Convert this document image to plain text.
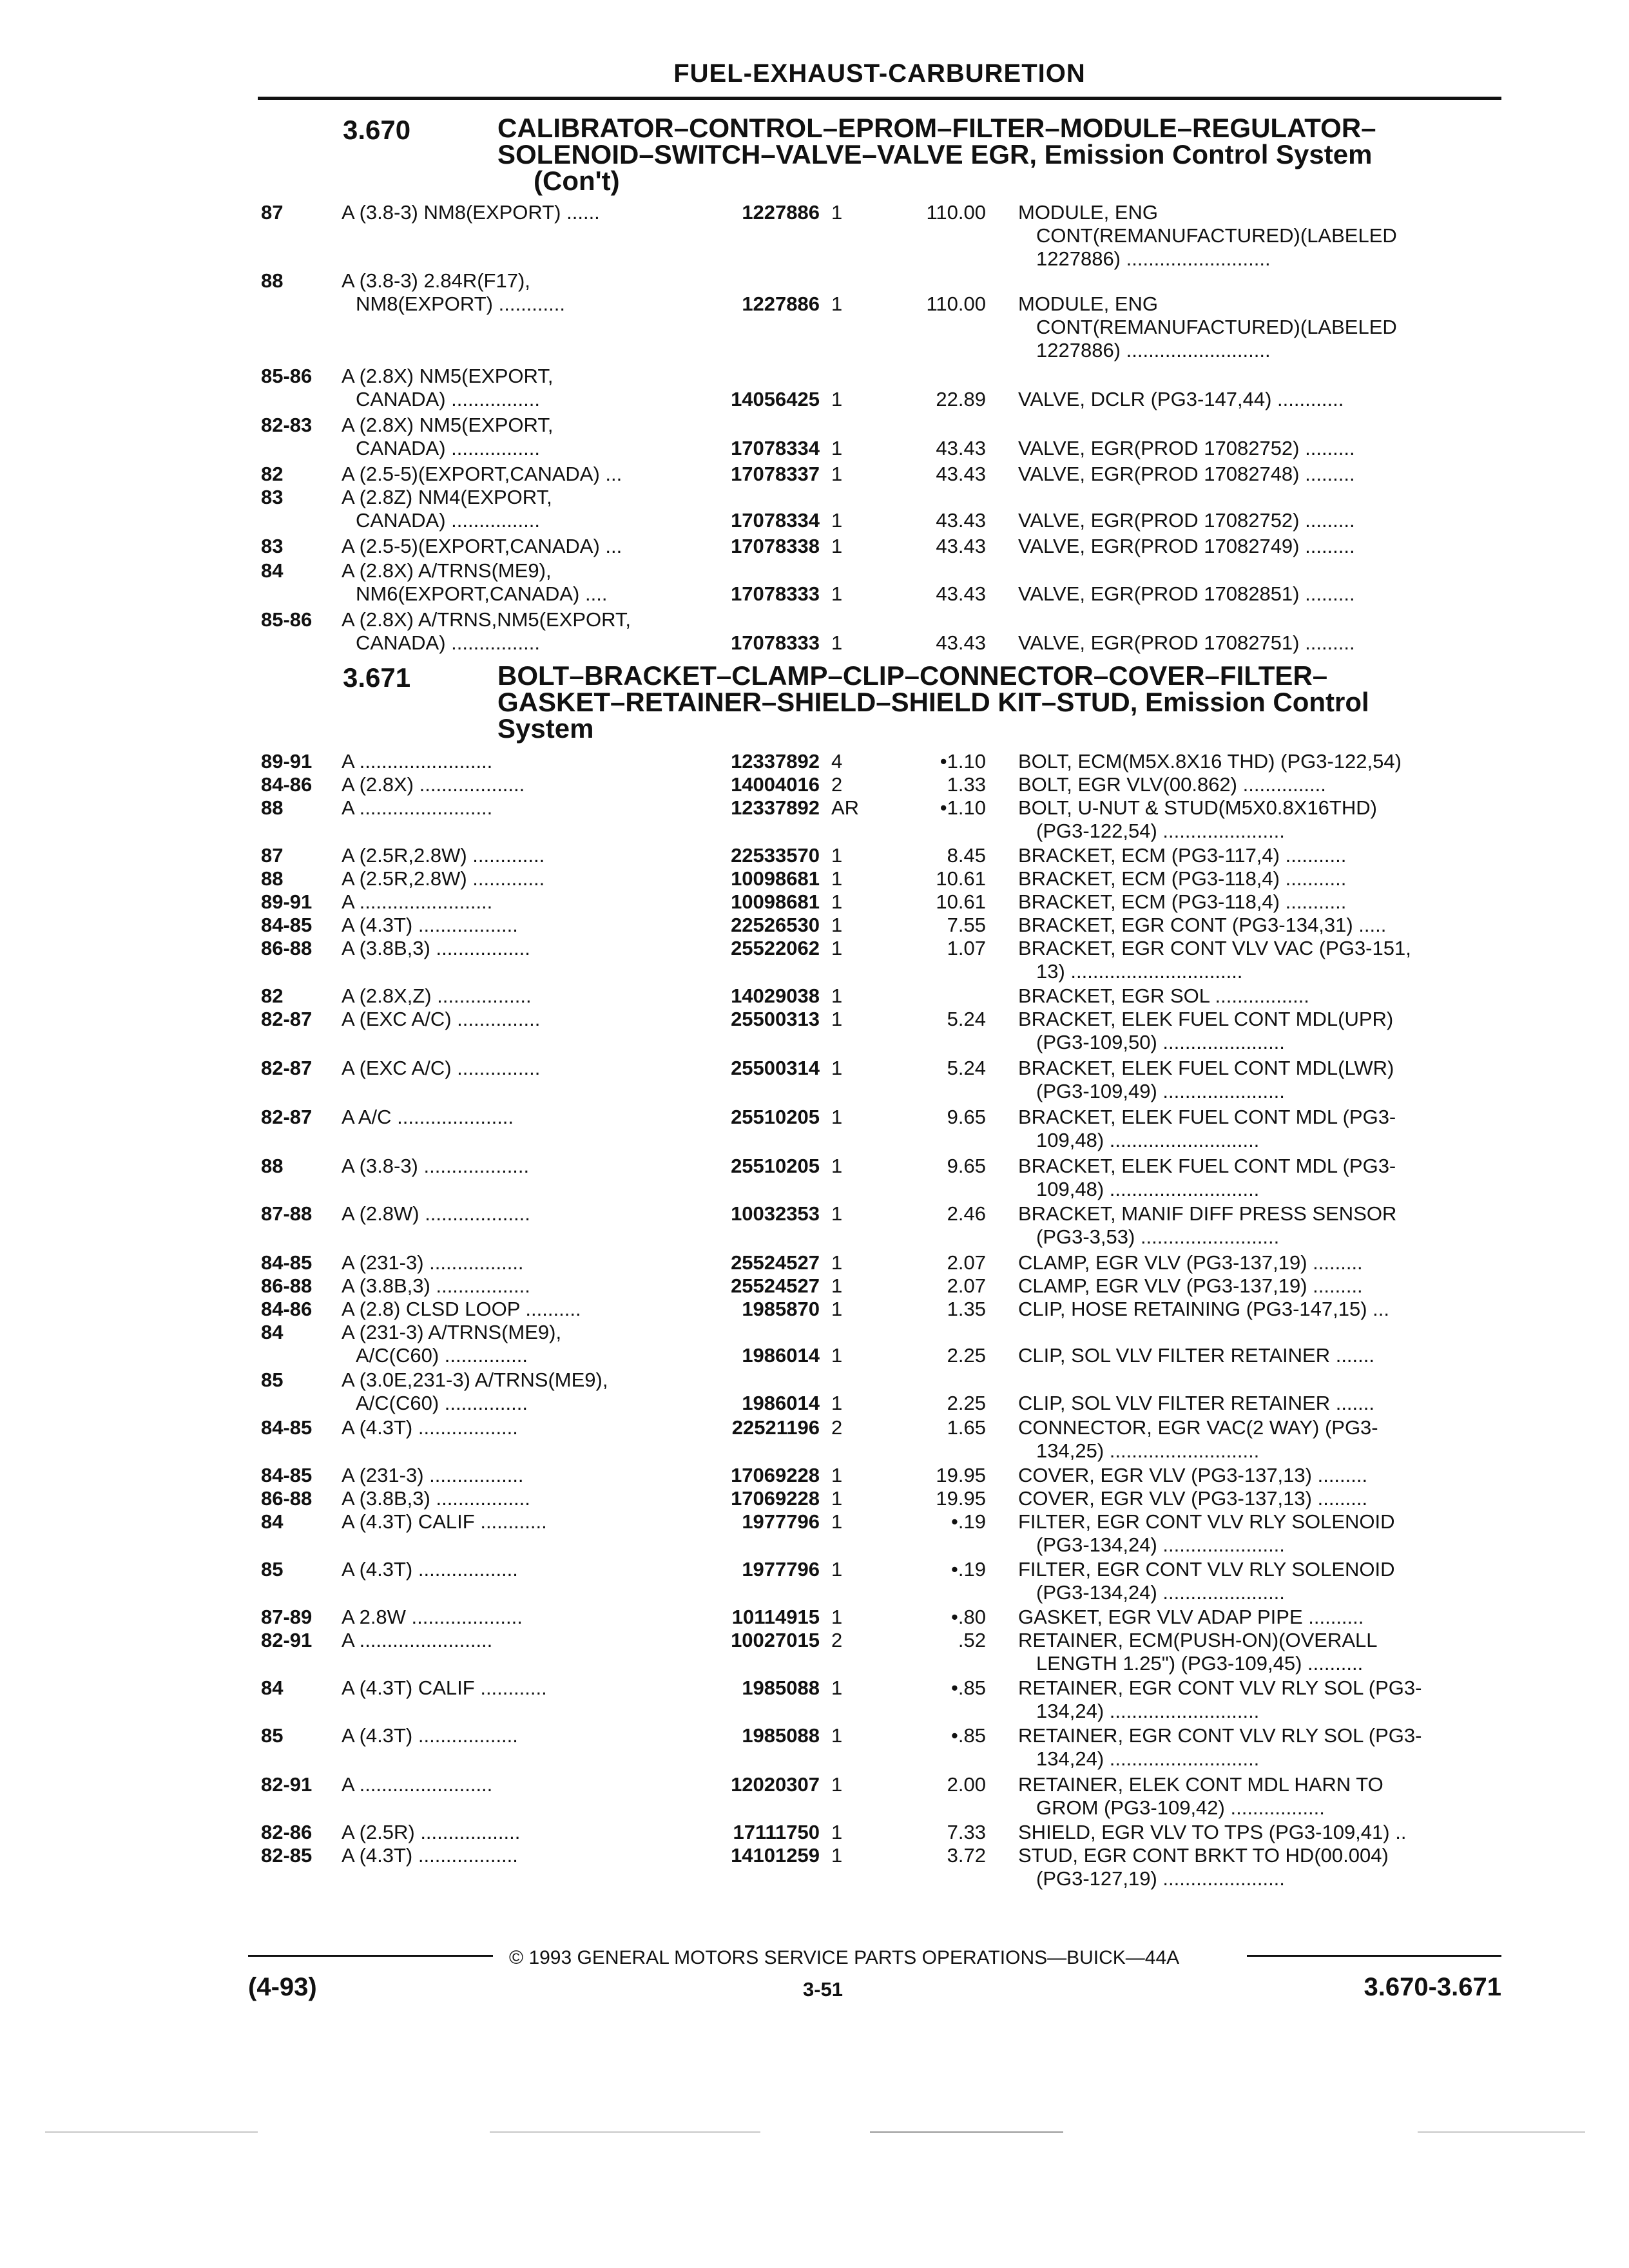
FUEL-EXHAUST-CARBURETION
3.670	CALIBRATOR–CONTROL–EPROM–FILTER–MODULE–REGULATOR–
SOLENOID–SWITCH–VALVE–VALVE EGR, Emission Control System
(Con't)
87	A (3.8-3) NM8(EXPORT) ......	1227886 1	110.00 MODULE, ENG
CONT(REMANUFACTURED)(LABELED
1227886) ..........................
88	A (3.8-3) 2.84R(F17),
NM8(EXPORT) ............	1227886 1	110.00 MODULE, ENG
CONT(REMANUFACTURED)(LABELED
1227886) ..........................
85-86 A (2.8X) NM5(EXPORT,
CANADA) ................	14056425 1	22.89 VALVE, DCLR (PG3-147,44) ............
82-83 A (2.8X) NM5(EXPORT,
CANADA) ................	17078334 1	43.43 VALVE, EGR(PROD 17082752) .........
82	A (2.5-5)(EXPORT,CANADA) ...	17078337 1	43.43 VALVE, EGR(PROD 17082748) .........
83	A (2.8Z) NM4(EXPORT,
CANADA) ................	17078334 1	43.43 VALVE, EGR(PROD 17082752) .........
83	A (2.5-5)(EXPORT,CANADA) ...	17078338 1	43.43 VALVE, EGR(PROD 17082749) .........
84	A (2.8X) A/TRNS(ME9),
NM6(EXPORT,CANADA) ....	17078333 1	43.43 VALVE, EGR(PROD 17082851) .........
85-86 A (2.8X) A/TRNS,NM5(EXPORT,
CANADA) ................	17078333 1	43.43 VALVE, EGR(PROD 17082751) .........
3.671	BOLT–BRACKET–CLAMP–CLIP–CONNECTOR–COVER–FILTER–
GASKET–RETAINER–SHIELD–SHIELD KIT–STUD, Emission Control
System
89-91 A ........................	12337892 4	•1.10 BOLT, ECM(M5X.8X16 THD) (PG3-122,54)
84-86 A (2.8X) ...................	14004016 2	1.33 BOLT, EGR VLV(00.862) ...............
88	A ........................	12337892 AR	•1.10 BOLT, U-NUT & STUD(M5X0.8X16THD)
(PG3-122,54) ......................
87	A (2.5R,2.8W) .............	22533570 1	8.45 BRACKET, ECM (PG3-117,4) ...........
88	A (2.5R,2.8W) .............	10098681 1	10.61 BRACKET, ECM (PG3-118,4) ...........
89-91 A ........................	10098681 1	10.61 BRACKET, ECM (PG3-118,4) ...........
84-85 A (4.3T) ..................	22526530 1	7.55 BRACKET, EGR CONT (PG3-134,31) .....
86-88 A (3.8B,3) .................	25522062 1	1.07 BRACKET, EGR CONT VLV VAC (PG3-151,
13) ...............................
82	A (2.8X,Z) .................	14029038 1	BRACKET, EGR SOL .................
82-87 A (EXC A/C) ...............	25500313 1	5.24 BRACKET, ELEK FUEL CONT MDL(UPR)
(PG3-109,50) ......................
82-87 A (EXC A/C) ...............	25500314 1	5.24 BRACKET, ELEK FUEL CONT MDL(LWR)
(PG3-109,49) ......................
82-87 A A/C .....................	25510205 1	9.65 BRACKET, ELEK FUEL CONT MDL (PG3-
109,48) ...........................
88	A (3.8-3) ...................	25510205 1	9.65 BRACKET, ELEK FUEL CONT MDL (PG3-
109,48) ...........................
87-88 A (2.8W) ...................	10032353 1	2.46 BRACKET, MANIF DIFF PRESS SENSOR
(PG3-3,53) .........................
84-85 A (231-3) .................	25524527 1	2.07 CLAMP, EGR VLV (PG3-137,19) .........
86-88 A (3.8B,3) .................	25524527 1	2.07 CLAMP, EGR VLV (PG3-137,19) .........
84-86 A (2.8) CLSD LOOP ..........	1985870 1	1.35 CLIP, HOSE RETAINING (PG3-147,15) ...
84	A (231-3) A/TRNS(ME9),
A/C(C60) ...............	1986014 1	2.25 CLIP, SOL VLV FILTER RETAINER .......
85	A (3.0E,231-3) A/TRNS(ME9),
A/C(C60) ...............	1986014 1	2.25 CLIP, SOL VLV FILTER RETAINER .......
84-85 A (4.3T) ..................	22521196 2	1.65 CONNECTOR, EGR VAC(2 WAY) (PG3-
134,25) ...........................
84-85 A (231-3) .................	17069228 1	19.95 COVER, EGR VLV (PG3-137,13) .........
86-88 A (3.8B,3) .................	17069228 1	19.95 COVER, EGR VLV (PG3-137,13) .........
84	A (4.3T) CALIF ............	1977796 1	•.19 FILTER, EGR CONT VLV RLY SOLENOID
(PG3-134,24) ......................
85	A (4.3T) ..................	1977796 1	•.19 FILTER, EGR CONT VLV RLY SOLENOID
(PG3-134,24) ......................
87-89 A 2.8W ....................	10114915 1	•.80 GASKET, EGR VLV ADAP PIPE ..........
82-91 A ........................	10027015 2	.52 RETAINER, ECM(PUSH-ON)(OVERALL
LENGTH 1.25") (PG3-109,45) ..........
84	A (4.3T) CALIF ............	1985088 1	•.85 RETAINER, EGR CONT VLV RLY SOL (PG3-
134,24) ...........................
85	A (4.3T) ..................	1985088 1	•.85 RETAINER, EGR CONT VLV RLY SOL (PG3-
134,24) ...........................
82-91 A ........................	12020307 1	2.00 RETAINER, ELEK CONT MDL HARN TO
GROM (PG3-109,42) .................
82-86 A (2.5R) ..................	17111750 1	7.33 SHIELD, EGR VLV TO TPS (PG3-109,41) ..
82-85 A (4.3T) ..................	14101259 1	3.72 STUD, EGR CONT BRKT TO HD(00.004)
(PG3-127,19) ......................
© 1993 GENERAL MOTORS SERVICE PARTS OPERATIONS—BUICK—44A
(4-93)	3-51	3.670-3.671
